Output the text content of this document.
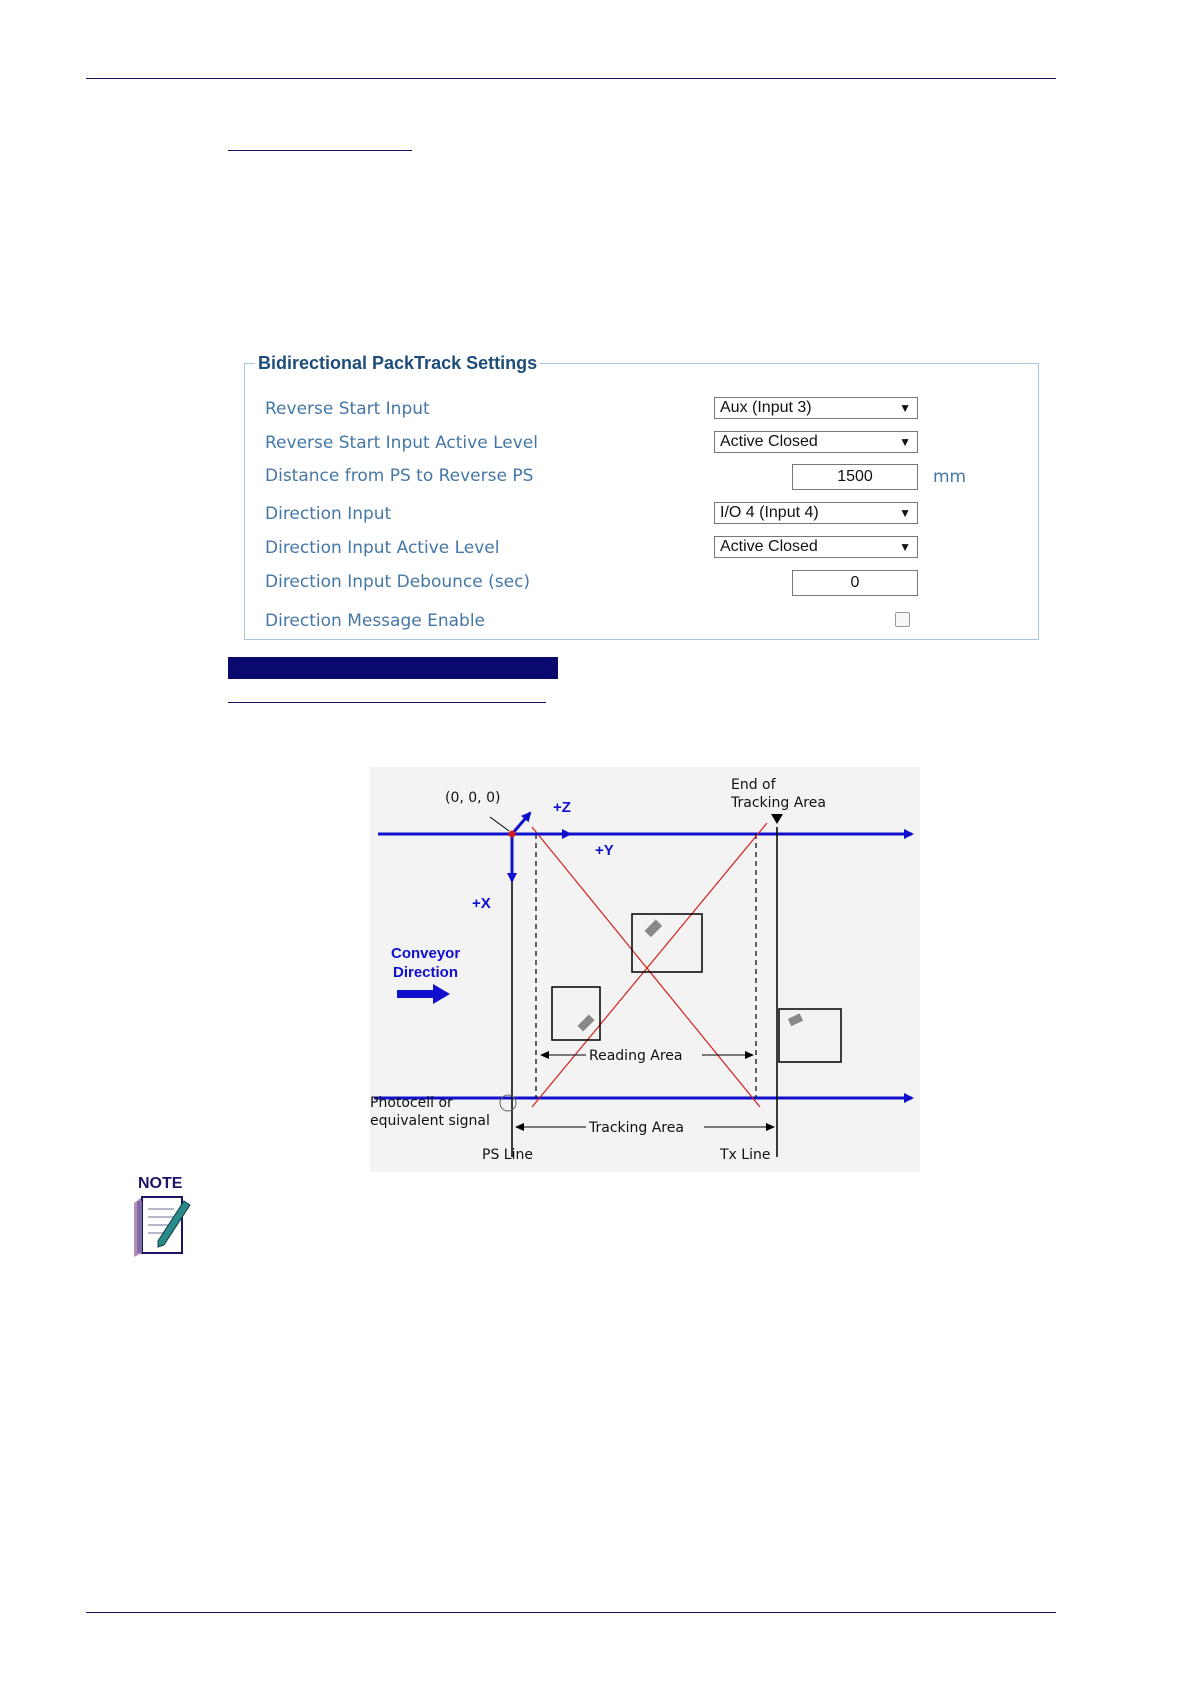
Bidirectional PackTrack Settings
Reverse Start Input	Aux (Input 3)	▼
Reverse Start Input Active Level	Active Closed	▼
Distance from PS to Reverse PS	1500	mm
Direction Input	I/O 4 (Input 4)	▼
Direction Input Active Level	Active Closed	▼
Direction Input Debounce (sec)	0
Direction Message Enable
(0, 0, 0)
End of
Tracking Area
Reading Area
Tracking Area
Photocell or
equivalent signal
PS Line	Tx Line
+Z
+Y
+X
Conveyor
Direction
NOTE
